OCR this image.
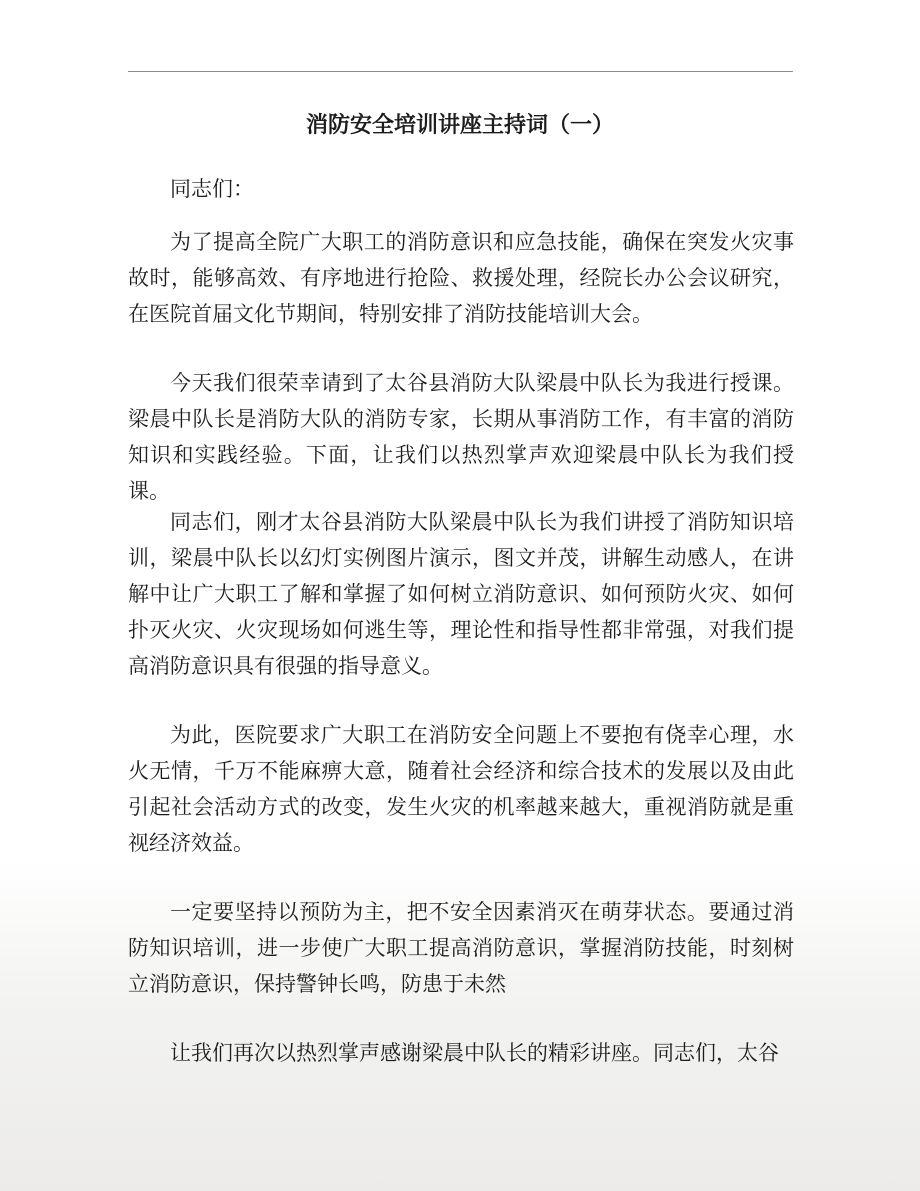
消防安全培训讲座主持词（一）

同志们：

为了提高全院广大职工的消防意识和应急技能，确保在突发火灾事故时，能够高效、有序地进行抢险、救援处理，经院长办公会议研究，在医院首届文化节期间，特别安排了消防技能培训大会。

今天我们很荣幸请到了太谷县消防大队梁晨中队长为我进行授课。梁晨中队长是消防大队的消防专家，长期从事消防工作，有丰富的消防知识和实践经验。下面，让我们以热烈掌声欢迎梁晨中队长为我们授课。

同志们，刚才太谷县消防大队梁晨中队长为我们讲授了消防知识培训，梁晨中队长以幻灯实例图片演示，图文并茂，讲解生动感人，在讲解中让广大职工了解和掌握了如何树立消防意识、如何预防火灾、如何扑灭火灾、火灾现场如何逃生等，理论性和指导性都非常强，对我们提高消防意识具有很强的指导意义。

为此，医院要求广大职工在消防安全问题上不要抱有侥幸心理，水火无情，千万不能麻痹大意，随着社会经济和综合技术的发展以及由此引起社会活动方式的改变，发生火灾的机率越来越大，重视消防就是重视经济效益。

一定要坚持以预防为主，把不安全因素消灭在萌芽状态。要通过消防知识培训，进一步使广大职工提高消防意识，掌握消防技能，时刻树立消防意识，保持警钟长鸣，防患于未然

让我们再次以热烈掌声感谢梁晨中队长的精彩讲座。同志们，太谷
